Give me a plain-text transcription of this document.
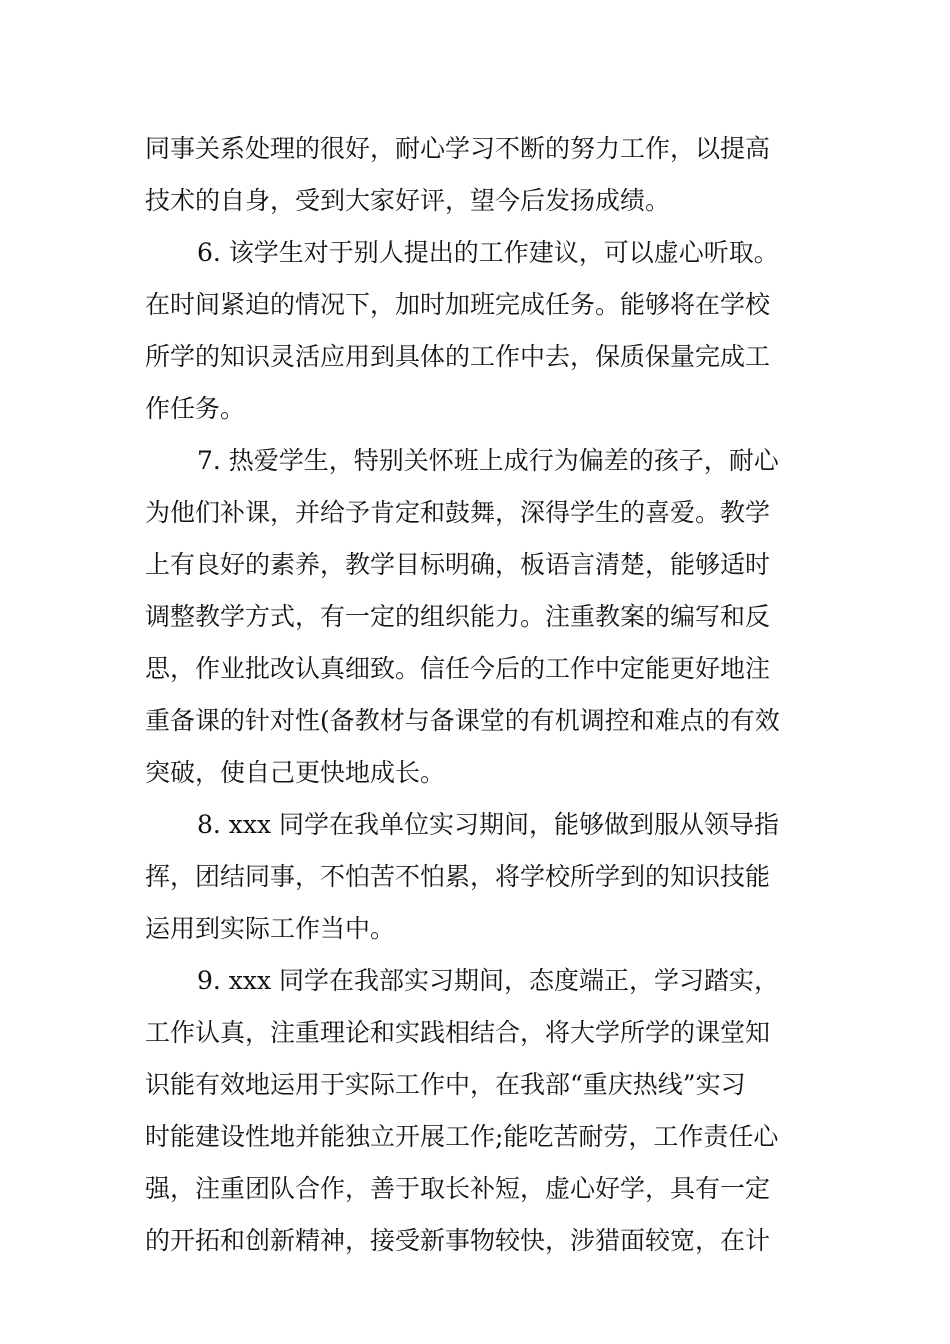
同事关系处理的很好，耐心学习不断的努力工作，以提高
技术的自身，受到大家好评，望今后发扬成绩。
6. 该学生对于别人提出的工作建议，可以虚心听取。
在时间紧迫的情况下，加时加班完成任务。能够将在学校
所学的知识灵活应用到具体的工作中去，保质保量完成工
作任务。
7. 热爱学生，特别关怀班上成行为偏差的孩子，耐心
为他们补课，并给予肯定和鼓舞，深得学生的喜爱。教学
上有良好的素养，教学目标明确，板语言清楚，能够适时
调整教学方式，有一定的组织能力。注重教案的编写和反
思，作业批改认真细致。信任今后的工作中定能更好地注
重备课的针对性(备教材与备课堂的有机调控和难点的有效
突破，使自己更快地成长。
8. xxx 同学在我单位实习期间，能够做到服从领导指
挥，团结同事，不怕苦不怕累，将学校所学到的知识技能
运用到实际工作当中。
9. xxx 同学在我部实习期间，态度端正，学习踏实，
工作认真，注重理论和实践相结合，将大学所学的课堂知
识能有效地运用于实际工作中，在我部“重庆热线”实习
时能建设性地并能独立开展工作;能吃苦耐劳，工作责任心
强，注重团队合作，善于取长补短，虚心好学，具有一定
的开拓和创新精神，接受新事物较快，涉猎面较宽，在计
